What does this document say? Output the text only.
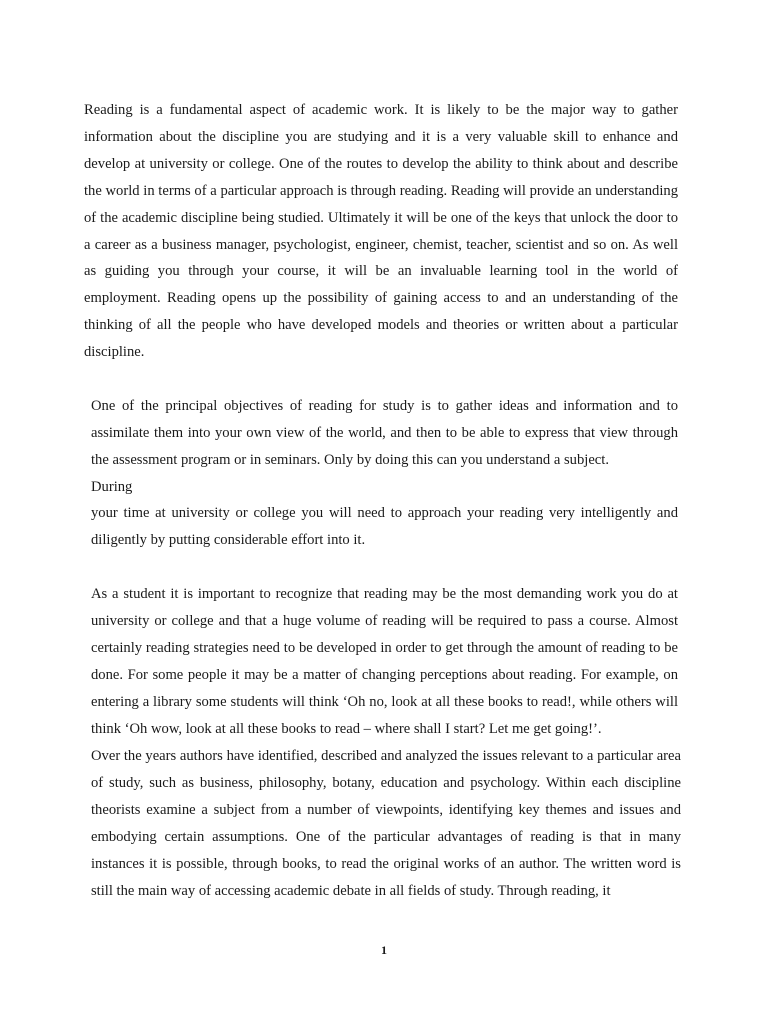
Reading is a fundamental aspect of academic work. It is likely to be the major way to gather information about the discipline you are studying and it is a very valuable skill to enhance and develop at university or college. One of the routes to develop the ability to think about and describe the world in terms of a particular approach is through reading. Reading will provide an understanding of the academic discipline being studied. Ultimately it will be one of the keys that unlock the door to a career as a business manager, psychologist, engineer, chemist, teacher, scientist and so on. As well as guiding you through your course, it will be an invaluable learning tool in the world of employment. Reading opens up the possibility of gaining access to and an understanding of the thinking of all the people who have developed models and theories or written about a particular discipline.

One of the principal objectives of reading for study is to gather ideas and information and to assimilate them into your own view of the world, and then to be able to express that view through the assessment program or in seminars. Only by doing this can you understand a subject.

During

your time at university or college you will need to approach your reading very intelligently and diligently by putting considerable effort into it.

As a student it is important to recognize that reading may be the most demanding work you do at university or college and that a huge volume of reading will be required to pass a course. Almost certainly reading strategies need to be developed in order to get through the amount of reading to be done. For some people it may be a matter of changing perceptions about reading. For example, on entering a library some students will think ‘Oh no, look at all these books to read!, while others will think ‘Oh wow, look at all these books to read – where shall I start? Let me get going!’.

Over the years authors have identified, described and analyzed the issues relevant to a particular area of study, such as business, philosophy, botany, education and psychology. Within each discipline theorists examine a subject from a number of viewpoints, identifying key themes and issues and embodying certain assumptions. One of the particular advantages of reading is that in many instances it is possible, through books, to read the original works of an author. The written word is still the main way of accessing academic debate in all fields of study. Through reading, it

1
